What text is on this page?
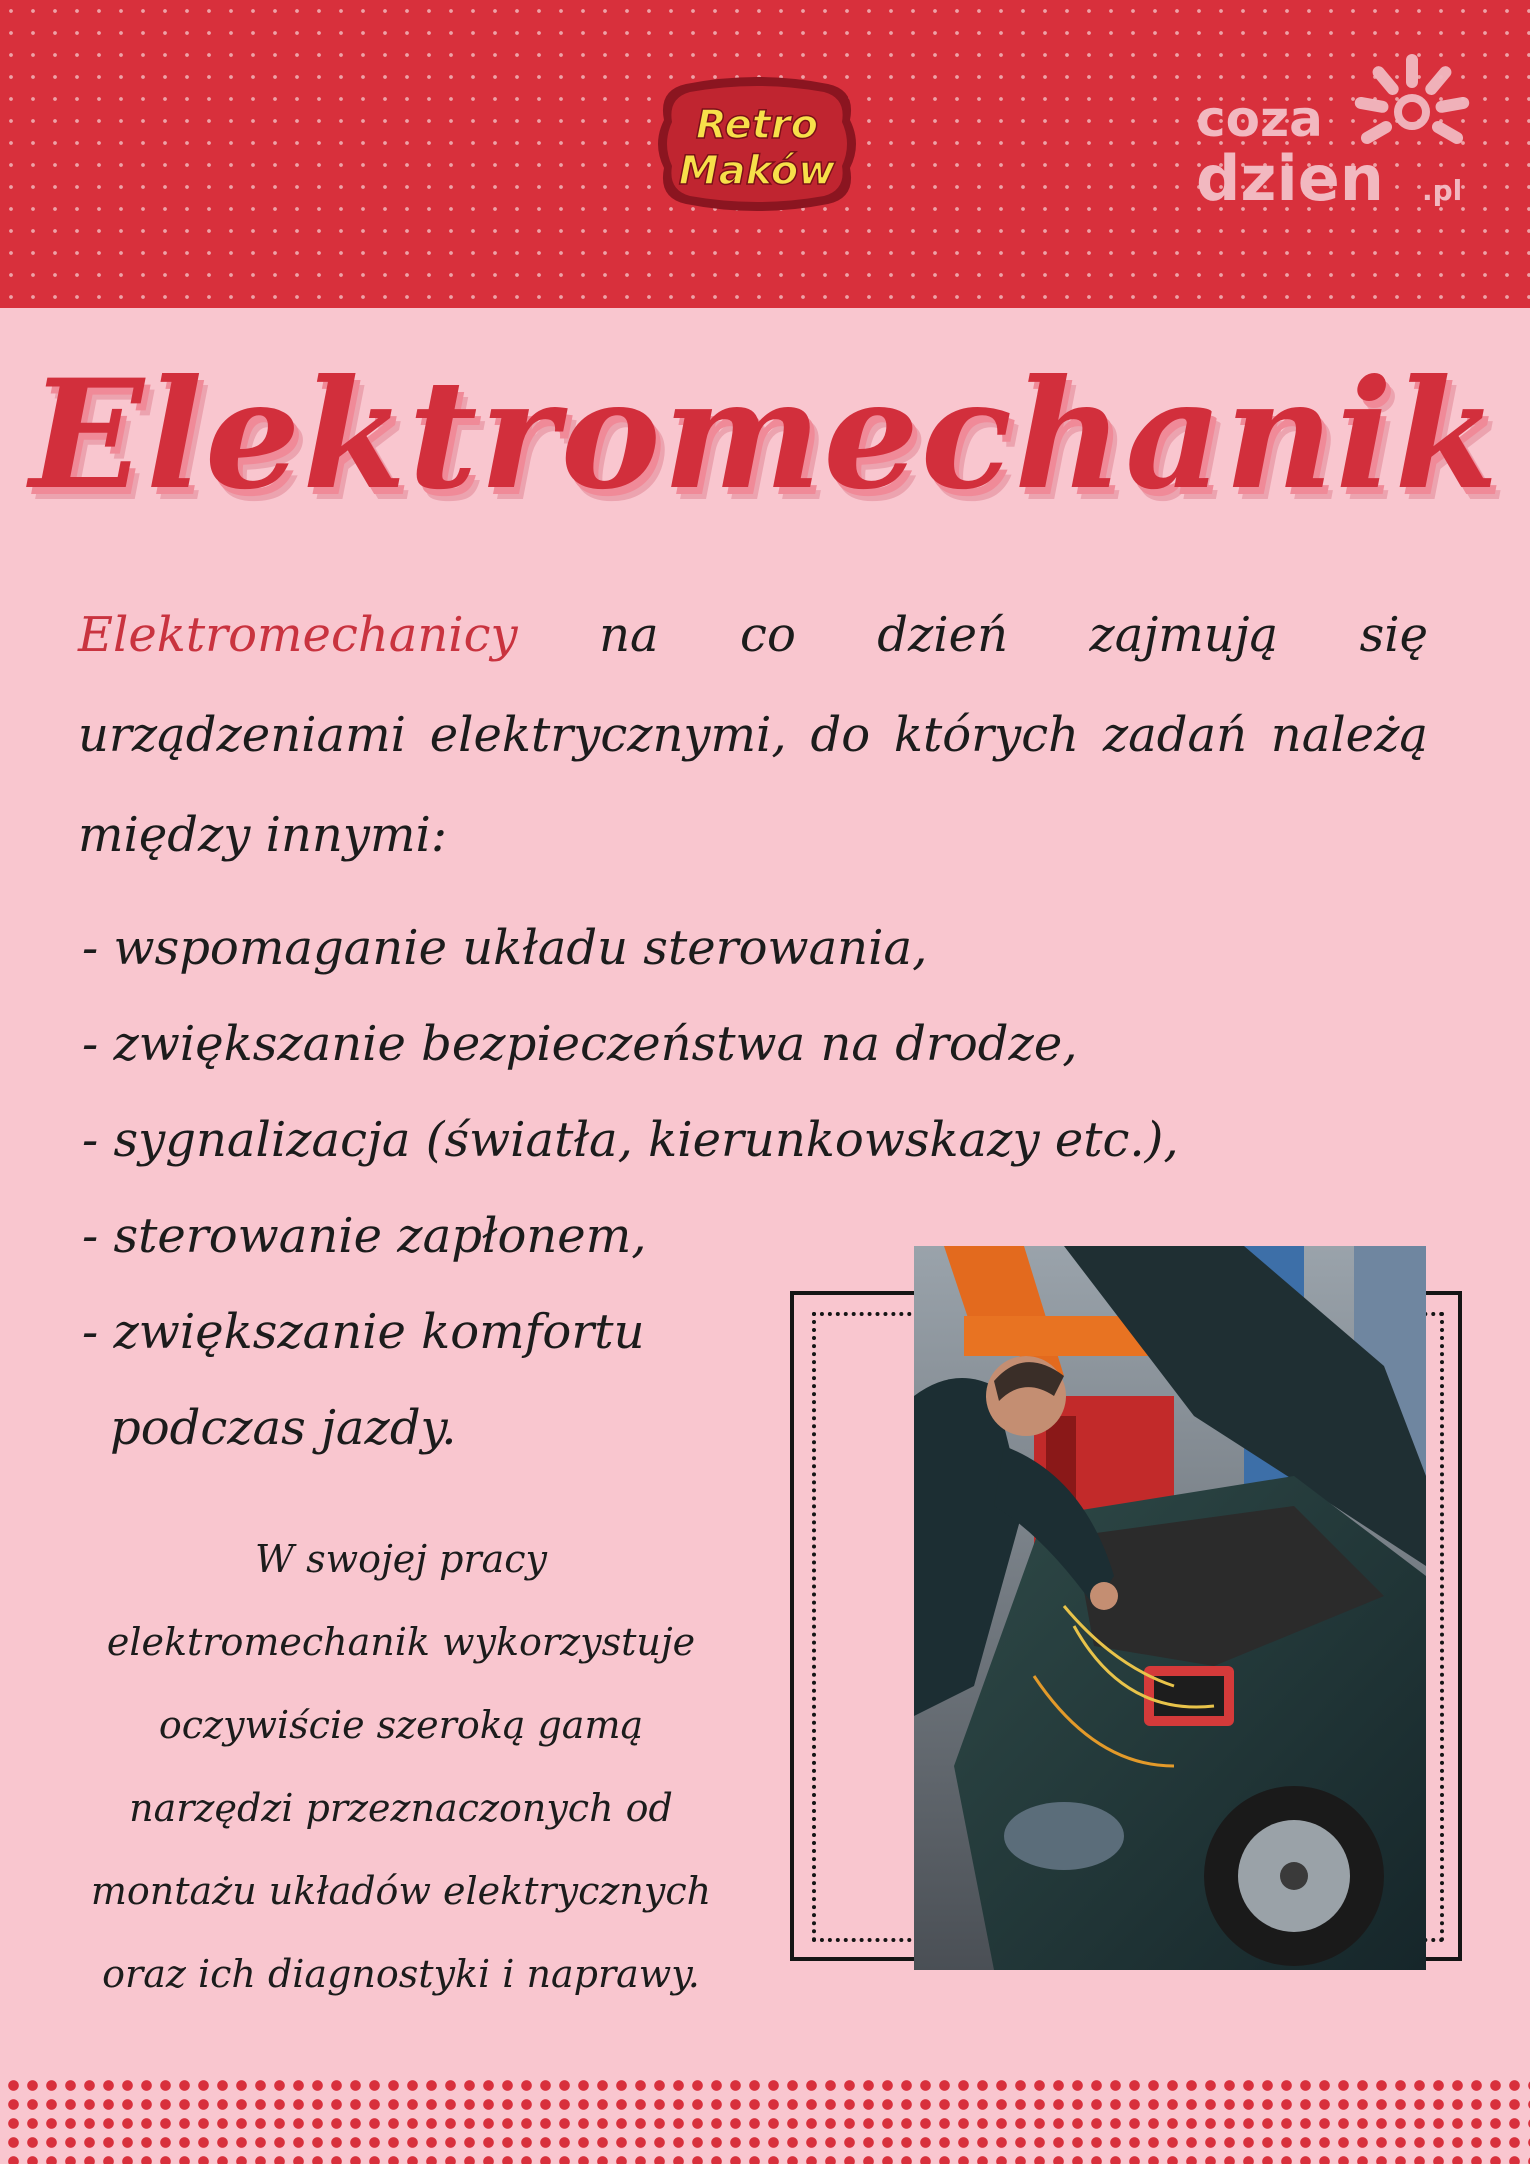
Retro
Maków
coza
dzien .pl
Elektromechanik
Elektromechanicy na co dzień zajmują się urządzeniami elektrycznymi, do których zadań należą między innymi:
- wspomaganie układu sterowania,
- zwiększanie bezpieczeństwa na drodze,
- sygnalizacja (światła, kierunkowskazy etc.),
- sterowanie zapłonem,
- zwiększanie komfortu
podczas jazdy.
W swojej pracy
elektromechanik wykorzystuje
oczywiście szeroką gamą
narzędzi przeznaczonych od
montażu układów elektrycznych
oraz ich diagnostyki i naprawy.
